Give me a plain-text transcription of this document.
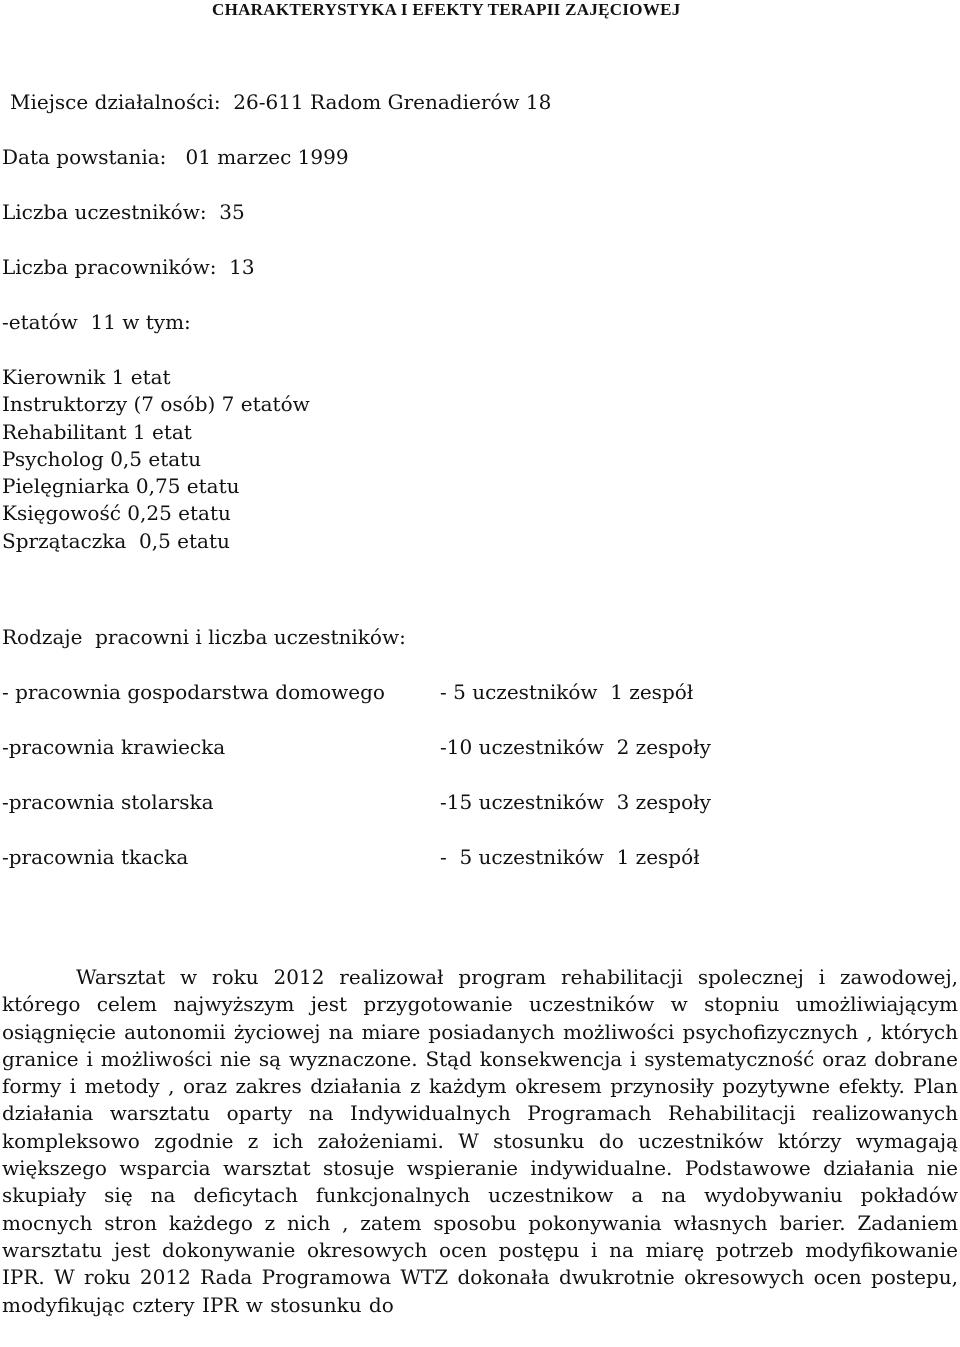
CHARAKTERYSTYKA I EFEKTY TERAPII ZAJĘCIOWEJ
Miejsce działalności:  26-611 Radom Grenadierów 18
Data powstania:   01 marzec 1999
Liczba uczestników:  35
Liczba pracowników:  13
-etatów  11 w tym:
Kierownik 1 etat
Instruktorzy (7 osób) 7 etatów
Rehabilitant 1 etat
Psycholog 0,5 etatu
Pielęgniarka 0,75 etatu
Księgowość 0,25 etatu
Sprzątaczka  0,5 etatu
Rodzaje  pracowni i liczba uczestników:
- pracownia gospodarstwa domowego	- 5 uczestników  1 zespół
-pracownia krawiecka	-10 uczestników  2 zespoły
-pracownia stolarska	-15 uczestników  3 zespoły
-pracownia tkacka	-  5 uczestników  1 zespół

Warsztat w roku 2012 realizował program rehabilitacji spolecznej i zawodowej, którego celem najwyższym jest przygotowanie uczestników w stopniu umożliwiającym osiągnięcie autonomii życiowej na miare posiadanych możliwości psychofizycznych , których granice i możliwości nie są wyznaczone. Stąd konsekwencja i systematyczność oraz dobrane formy i metody , oraz zakres działania z każdym okresem przynosiły pozytywne efekty. Plan działania warsztatu oparty na Indywidualnych Programach Rehabilitacji realizowanych kompleksowo zgodnie z ich założeniami. W stosunku do uczestników którzy wymagają większego wsparcia warsztat stosuje wspieranie indywidualne. Podstawowe działania nie skupiały się na deficytach funkcjonalnych uczestnikow a na wydobywaniu pokładów mocnych stron każdego z nich , zatem sposobu pokonywania własnych barier. Zadaniem warsztatu jest dokonywanie okresowych ocen postępu i na miarę potrzeb modyfikowanie IPR. W roku 2012 Rada Programowa WTZ dokonała dwukrotnie okresowych ocen postepu, modyfikując cztery IPR w stosunku do
